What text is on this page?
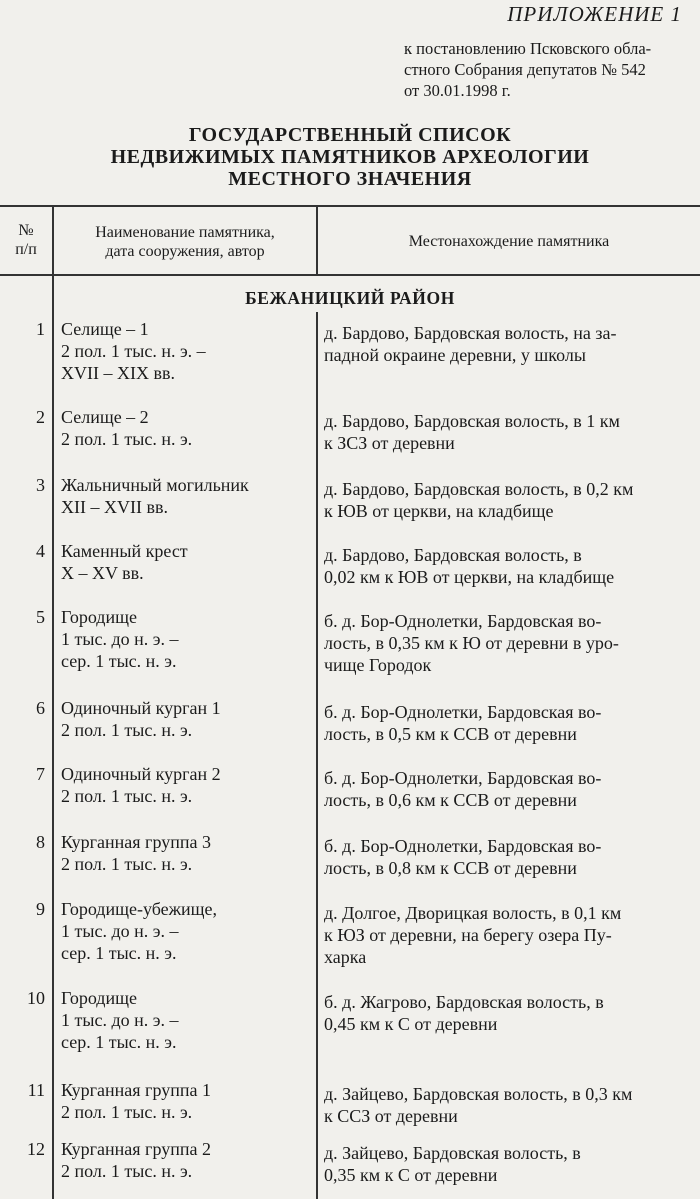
ПРИЛОЖЕНИЕ 1
к постановлению Псковского обла-
стного Собрания депутатов № 542
от 30.01.1998 г.
ГОСУДАРСТВЕННЫЙ СПИСОК
НЕДВИЖИМЫХ ПАМЯТНИКОВ АРХЕОЛОГИИ
МЕСТНОГО ЗНАЧЕНИЯ
№
п/п
Наименование памятника,
дата сооружения, автор
Местонахождение памятника
БЕЖАНИЦКИЙ РАЙОН
1 Селище – 1
2 пол. 1 тыс. н. э. –
XVII – XIX вв.
д. Бардово, Бардовская волость, на за-
падной окраине деревни, у школы
2 Селище – 2
2 пол. 1 тыс. н. э.
д. Бардово, Бардовская волость, в 1 км
к ЗСЗ от деревни
3 Жальничный могильник
XII – XVII вв.
д. Бардово, Бардовская волость, в 0,2 км
к ЮВ от церкви, на кладбище
4 Каменный крест
X – XV вв.
д. Бардово, Бардовская волость, в
0,02 км к ЮВ от церкви, на кладбище
5 Городище
1 тыс. до н. э. –
сер. 1 тыс. н. э.
б. д. Бор-Однолетки, Бардовская во-
лость, в 0,35 км к Ю от деревни в уро-
чище Городок
6 Одиночный курган 1
2 пол. 1 тыс. н. э.
б. д. Бор-Однолетки, Бардовская во-
лость, в 0,5 км к ССВ от деревни
7 Одиночный курган 2
2 пол. 1 тыс. н. э.
б. д. Бор-Однолетки, Бардовская во-
лость, в 0,6 км к ССВ от деревни
8 Курганная группа 3
2 пол. 1 тыс. н. э.
б. д. Бор-Однолетки, Бардовская во-
лость, в 0,8 км к ССВ от деревни
9 Городище-убежище,
1 тыс. до н. э. –
сер. 1 тыс. н. э.
д. Долгое, Дворицкая волость, в 0,1 км
к ЮЗ от деревни, на берегу озера Пу-
харка
10 Городище
1 тыс. до н. э. –
сер. 1 тыс. н. э.
б. д. Жагрово, Бардовская волость, в
0,45 км к С от деревни
11 Курганная группа 1
2 пол. 1 тыс. н. э.
д. Зайцево, Бардовская волость, в 0,3 км
к ССЗ от деревни
12 Курганная группа 2
2 пол. 1 тыс. н. э.
д. Зайцево, Бардовская волость, в
0,35 км к С от деревни
